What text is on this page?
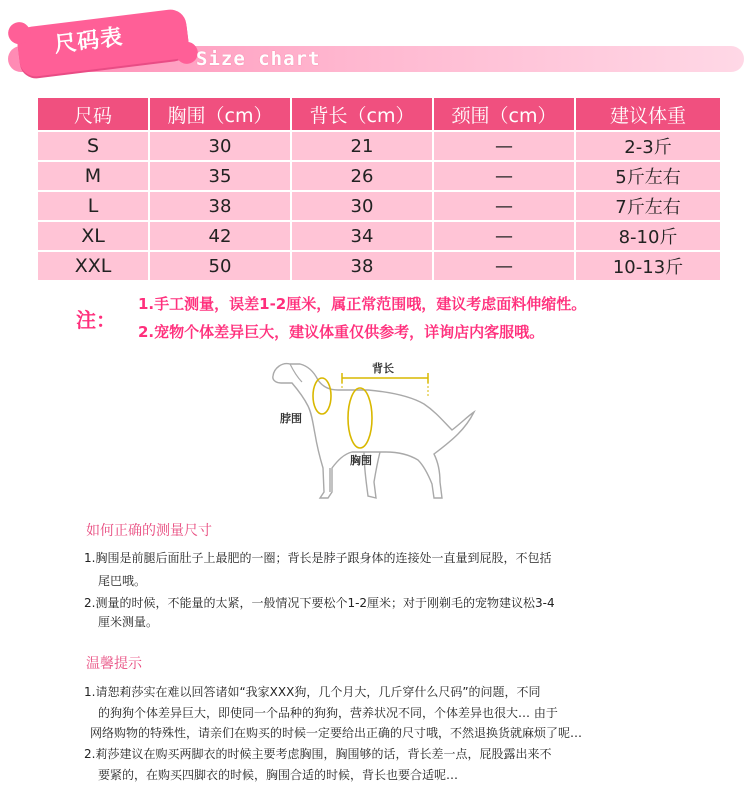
尺码表
Size chart
尺码	胸围（cm）	背长（cm）	颈围（cm）	建议体重
S	30	21	—	2-3斤
M	35	26	—	5斤左右
L	38	30	—	7斤左右
XL	42	34	—	8-10斤
XXL	50	38	—	10-13斤
注：
1.手工测量，误差1-2厘米，属正常范围哦，建议考虑面料伸缩性。
2.宠物个体差异巨大，建议体重仅供参考，详询店内客服哦。
背长
脖围
胸围
如何正确的测量尺寸
1.胸围是前腿后面肚子上最肥的一圈；背长是脖子跟身体的连接处一直量到屁股，不包括
尾巴哦。
2.测量的时候，不能量的太紧，一般情况下要松个1-2厘米；对于刚剃毛的宠物建议松3-4
厘米测量。
温馨提示
1.请恕莉莎实在难以回答诸如“我家XXX狗，几个月大，几斤穿什么尺码”的问题，不同
的狗狗个体差异巨大，即使同一个品种的狗狗，营养状况不同，个体差异也很大… 由于
网络购物的特殊性，请亲们在购买的时候一定要给出正确的尺寸哦，不然退换货就麻烦了呢…
2.莉莎建议在购买两脚衣的时候主要考虑胸围，胸围够的话，背长差一点，屁股露出来不
要紧的，在购买四脚衣的时候，胸围合适的时候，背长也要合适呢…
